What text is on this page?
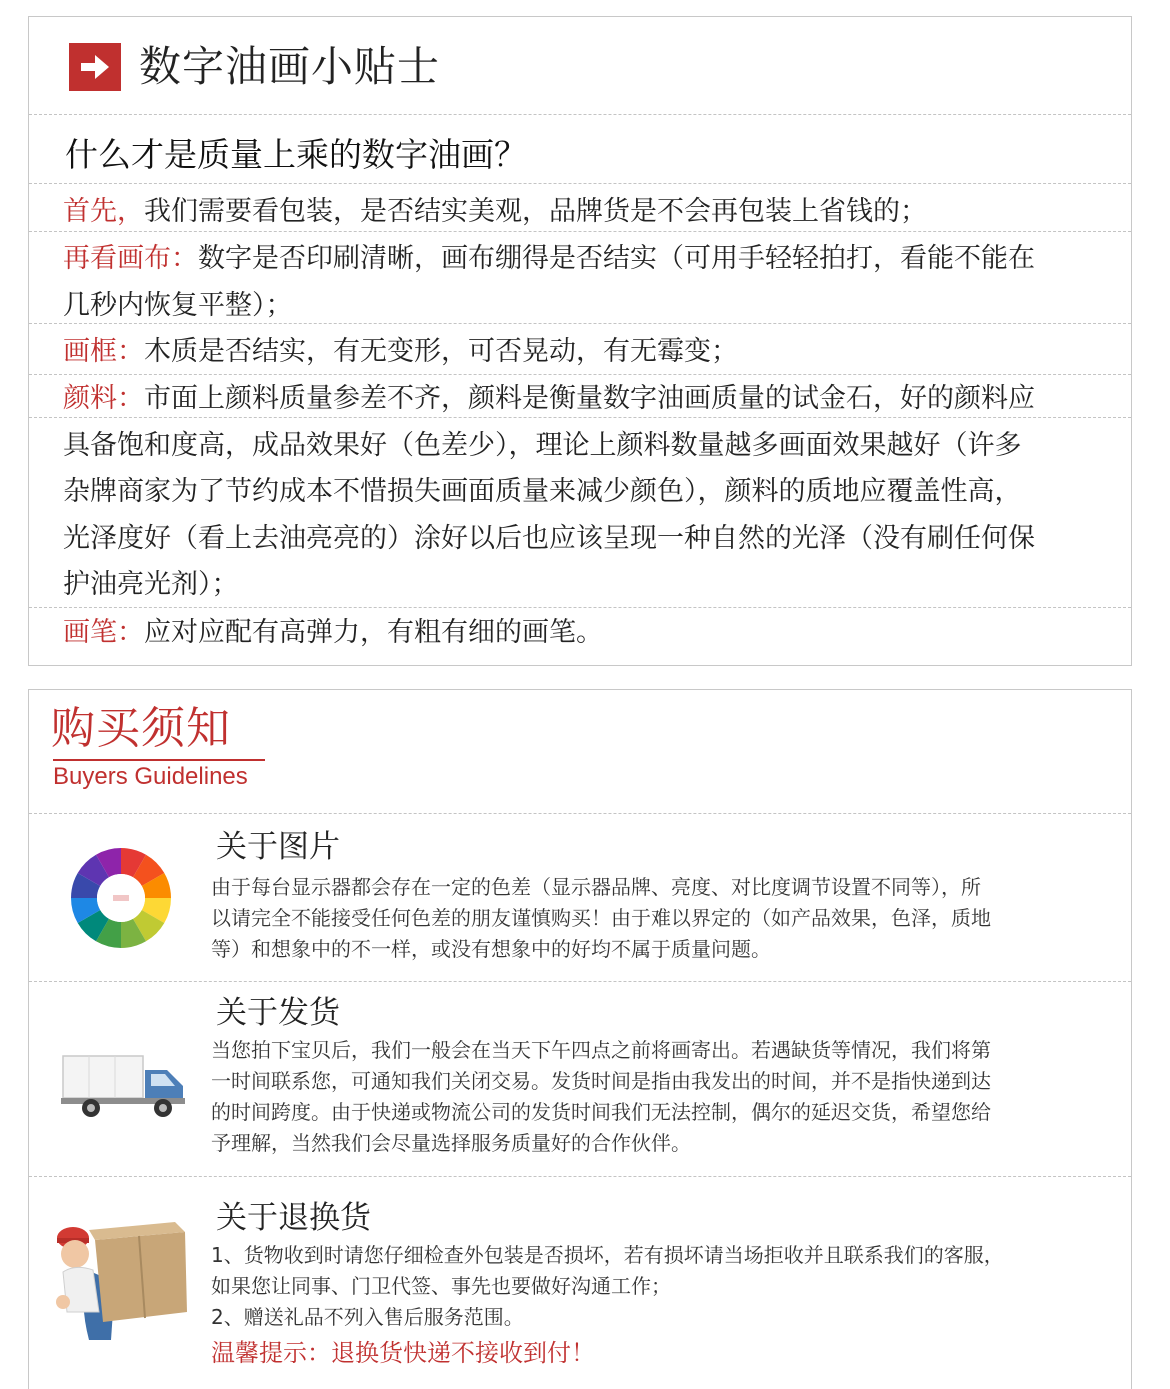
数字油画小贴士
什么才是质量上乘的数字油画？
首先，我们需要看包装，是否结实美观，品牌货是不会再包装上省钱的；
再看画布：数字是否印刷清晰，画布绷得是否结实（可用手轻轻拍打，看能不能在
几秒内恢复平整）；
画框：木质是否结实，有无变形，可否晃动，有无霉变；
颜料：市面上颜料质量参差不齐，颜料是衡量数字油画质量的试金石，好的颜料应
具备饱和度高，成品效果好（色差少），理论上颜料数量越多画面效果越好（许多
杂牌商家为了节约成本不惜损失画面质量来减少颜色），颜料的质地应覆盖性高，
光泽度好（看上去油亮亮的）涂好以后也应该呈现一种自然的光泽（没有刷任何保
护油亮光剂）；
画笔：应对应配有高弹力，有粗有细的画笔。
购买须知
Buyers Guidelines
关于图片
由于每台显示器都会存在一定的色差（显示器品牌、亮度、对比度调节设置不同等），所
以请完全不能接受任何色差的朋友谨慎购买！由于难以界定的（如产品效果，色泽，质地
等）和想象中的不一样，或没有想象中的好均不属于质量问题。
关于发货
当您拍下宝贝后，我们一般会在当天下午四点之前将画寄出。若遇缺货等情况，我们将第
一时间联系您，可通知我们关闭交易。发货时间是指由我发出的时间，并不是指快递到达
的时间跨度。由于快递或物流公司的发货时间我们无法控制，偶尔的延迟交货，希望您给
予理解，当然我们会尽量选择服务质量好的合作伙伴。
关于退换货
1、货物收到时请您仔细检查外包装是否损坏，若有损坏请当场拒收并且联系我们的客服，
如果您让同事、门卫代签、事先也要做好沟通工作；
2、赠送礼品不列入售后服务范围。
温馨提示：退换货快递不接收到付！
